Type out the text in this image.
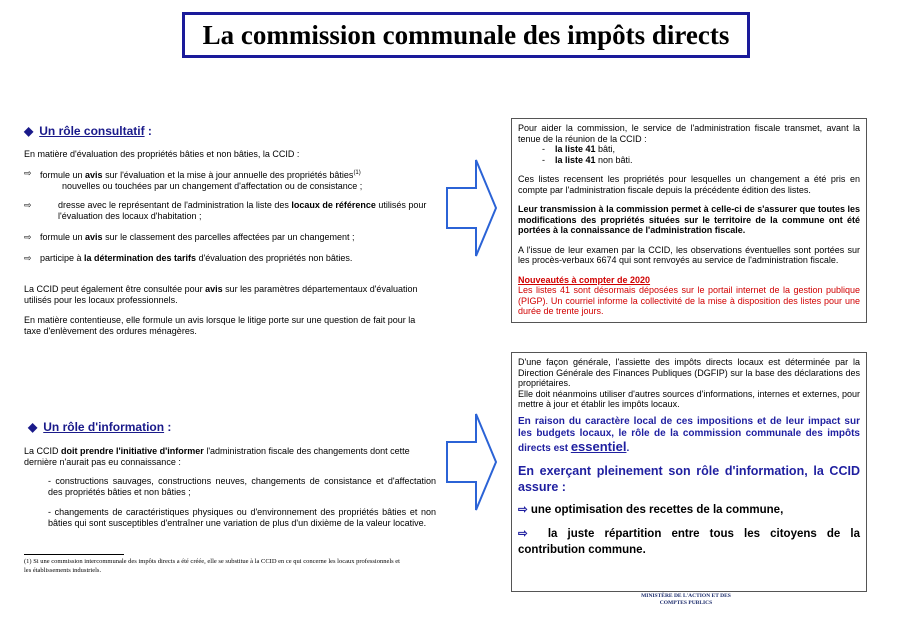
La commission communale des impôts directs
◆ Un rôle consultatif :
En matière d'évaluation des propriétés bâties et non bâties, la CCID :
⇨ formule un avis sur l'évaluation et la mise à jour annuelle des propriétés bâties$^{(1)}$
nouvelles ou touchées par un changement d'affectation ou de consistance ;
⇨	dresse avec le représentant de l'administration la liste des locaux de référence utilisés pour
l'évaluation des locaux d'habitation ;
⇨ formule un avis sur le classement des parcelles affectées par un changement ;
⇨ participe à la détermination des tarifs d'évaluation des propriétés non bâties.
La CCID peut également être consultée pour avis sur les paramètres départementaux d'évaluation
utilisés pour les locaux professionnels.
En matière contentieuse, elle formule un avis lorsque le litige porte sur une question de fait pour la
taxe d'enlèvement des ordures ménagères.
◆ Un rôle d'information :
La CCID doit prendre l'initiative d'informer l'administration fiscale des changements dont cette
dernière n'aurait pas eu connaissance :
- constructions sauvages, constructions neuves, changements de consistance et d'affectation des propriétés bâties et non bâties ;
- changements de caractéristiques physiques ou d'environnement des propriétés bâties et non bâties qui sont susceptibles d'entraîner une variation de plus d'un dixième de la valeur locative.

Pour aider la commission, le service de l'administration fiscale transmet, avant la tenue de la réunion de la CCID :

-    la liste 41 bâti,

-    la liste 41 non bâti.

Ces listes recensent les propriétés pour lesquelles un changement a été pris en compte par l'administration fiscale depuis la précédente édition des listes.

Leur transmission à la commission permet à celle-ci de s'assurer que toutes les modifications des propriétés situées sur le territoire de la commune ont été portées à la connaissance de l'administration fiscale.

A l'issue de leur examen par la CCID, les observations éventuelles sont portées sur les procès-verbaux 6674 qui sont renvoyés au service de l'administration fiscale.

Nouveautés à compter de 2020

Les listes 41 sont désormais déposées sur le portail internet de la gestion publique (PIGP). Un courriel informe la collectivité de la mise à disposition des listes pour une durée de trente jours.

D'une façon générale, l'assiette des impôts directs locaux est déterminée par la Direction Générale des Finances Publiques (DGFIP) sur la base des déclarations des propriétaires.

Elle doit néanmoins utiliser d'autres sources d'informations, internes et externes, pour mettre à jour et établir les impôts locaux.

En raison du caractère local de ces impositions et de leur impact sur les budgets locaux, le rôle de la commission communale des impôts directs est essentiel.

En exerçant pleinement son rôle d'information, la CCID assure :

⇨ une optimisation des recettes de la commune,

⇨ la juste répartition entre tous les citoyens de la contribution commune.

(1) Si une commission intercommunale des impôts directs a été créée, elle se substitue à la CCID en ce qui concerne les locaux professionnels et les établissements industriels.
MINISTÈRE DE L'ACTION ET DES COMPTES PUBLICS
